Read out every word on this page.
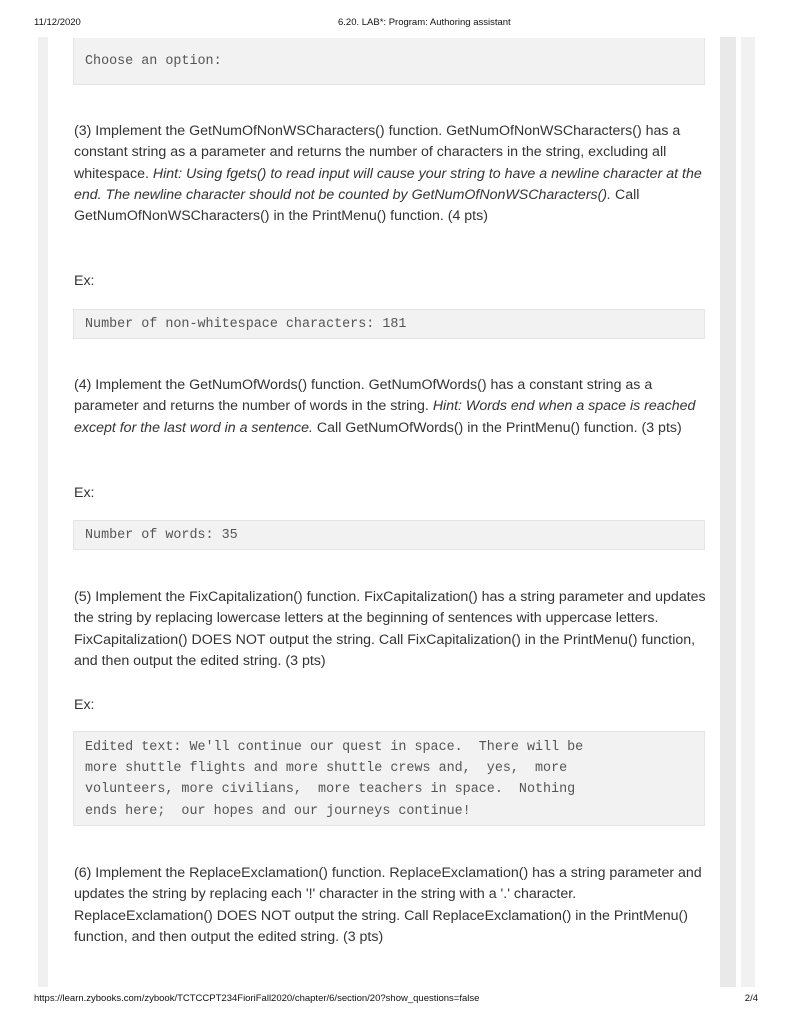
11/12/2020	6.20. LAB*: Program: Authoring assistant
Choose an option:
(3) Implement the GetNumOfNonWSCharacters() function. GetNumOfNonWSCharacters() has a constant string as a parameter and returns the number of characters in the string, excluding all whitespace. Hint: Using fgets() to read input will cause your string to have a newline character at the end. The newline character should not be counted by GetNumOfNonWSCharacters(). Call GetNumOfNonWSCharacters() in the PrintMenu() function. (4 pts)
Ex:
Number of non-whitespace characters: 181
(4) Implement the GetNumOfWords() function. GetNumOfWords() has a constant string as a parameter and returns the number of words in the string. Hint: Words end when a space is reached except for the last word in a sentence. Call GetNumOfWords() in the PrintMenu() function. (3 pts)
Ex:
Number of words: 35
(5) Implement the FixCapitalization() function. FixCapitalization() has a string parameter and updates the string by replacing lowercase letters at the beginning of sentences with uppercase letters. FixCapitalization() DOES NOT output the string. Call FixCapitalization() in the PrintMenu() function, and then output the edited string. (3 pts)
Ex:
Edited text: We'll continue our quest in space.  There will be
more shuttle flights and more shuttle crews and,  yes,  more
volunteers, more civilians,  more teachers in space.  Nothing
ends here;  our hopes and our journeys continue!
(6) Implement the ReplaceExclamation() function. ReplaceExclamation() has a string parameter and updates the string by replacing each '!' character in the string with a '.' character. ReplaceExclamation() DOES NOT output the string. Call ReplaceExclamation() in the PrintMenu() function, and then output the edited string. (3 pts)
https://learn.zybooks.com/zybook/TCTCCPT234FioriFall2020/chapter/6/section/20?show_questions=false	2/4
